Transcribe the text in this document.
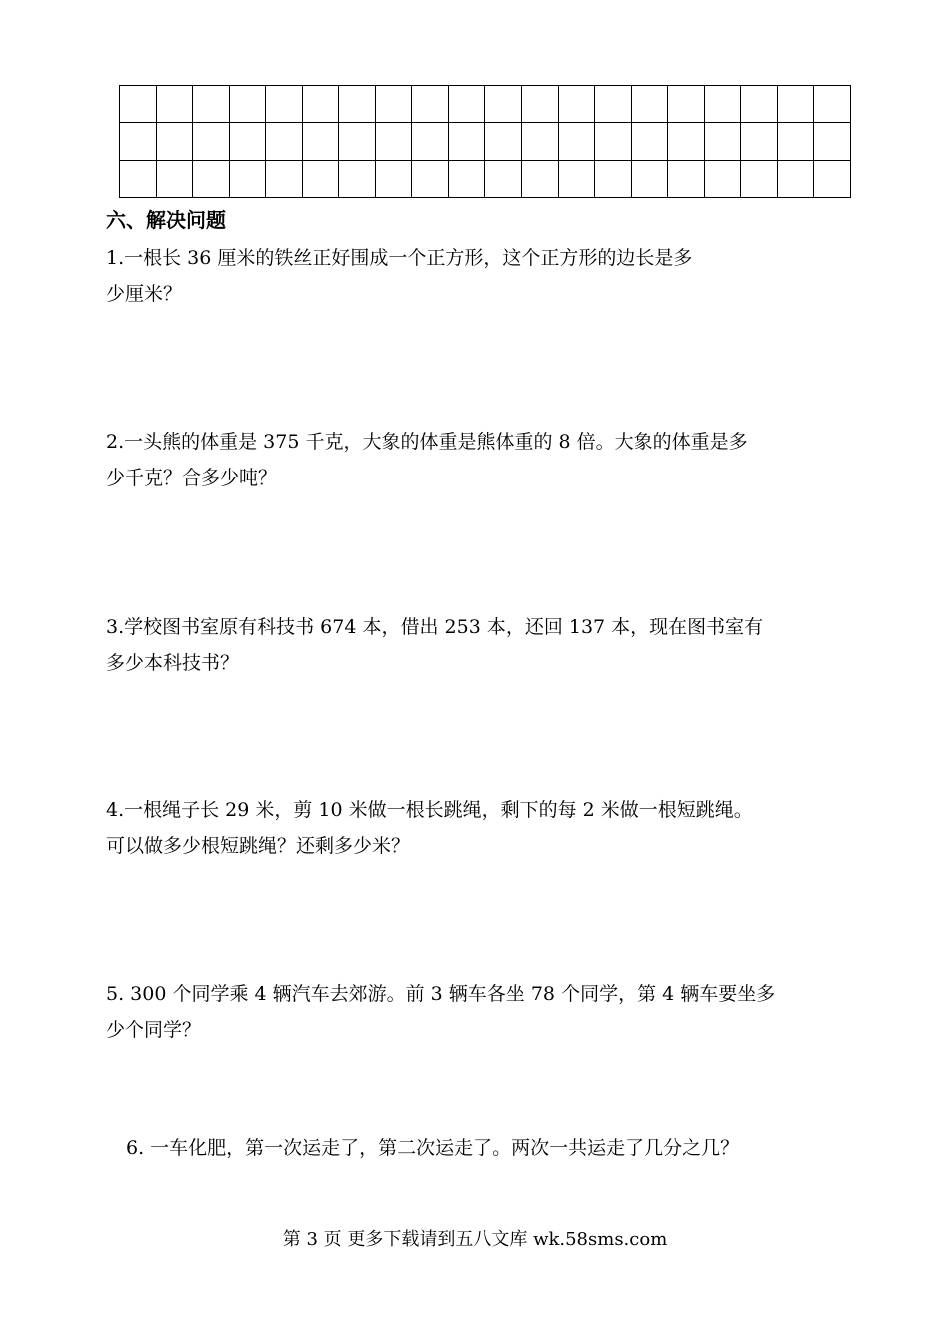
六、解决问题

1.一根长 36 厘米的铁丝正好围成一个正方形，这个正方形的边长是多
少厘米？

2.一头熊的体重是 375 千克，大象的体重是熊体重的 8 倍。大象的体重是多
少千克？合多少吨？

3.学校图书室原有科技书 674 本，借出 253 本，还回 137 本，现在图书室有
多少本科技书？

4.一根绳子长 29 米，剪 10 米做一根长跳绳，剩下的每 2 米做一根短跳绳。
可以做多少根短跳绳？还剩多少米？

5. 300 个同学乘 4 辆汽车去郊游。前 3 辆车各坐 78 个同学，第 4 辆车要坐多
少个同学？

6. 一车化肥，第一次运走了，第二次运走了。两次一共运走了几分之几？

第 3 页 更多下载请到五八文库 wk.58sms.com
